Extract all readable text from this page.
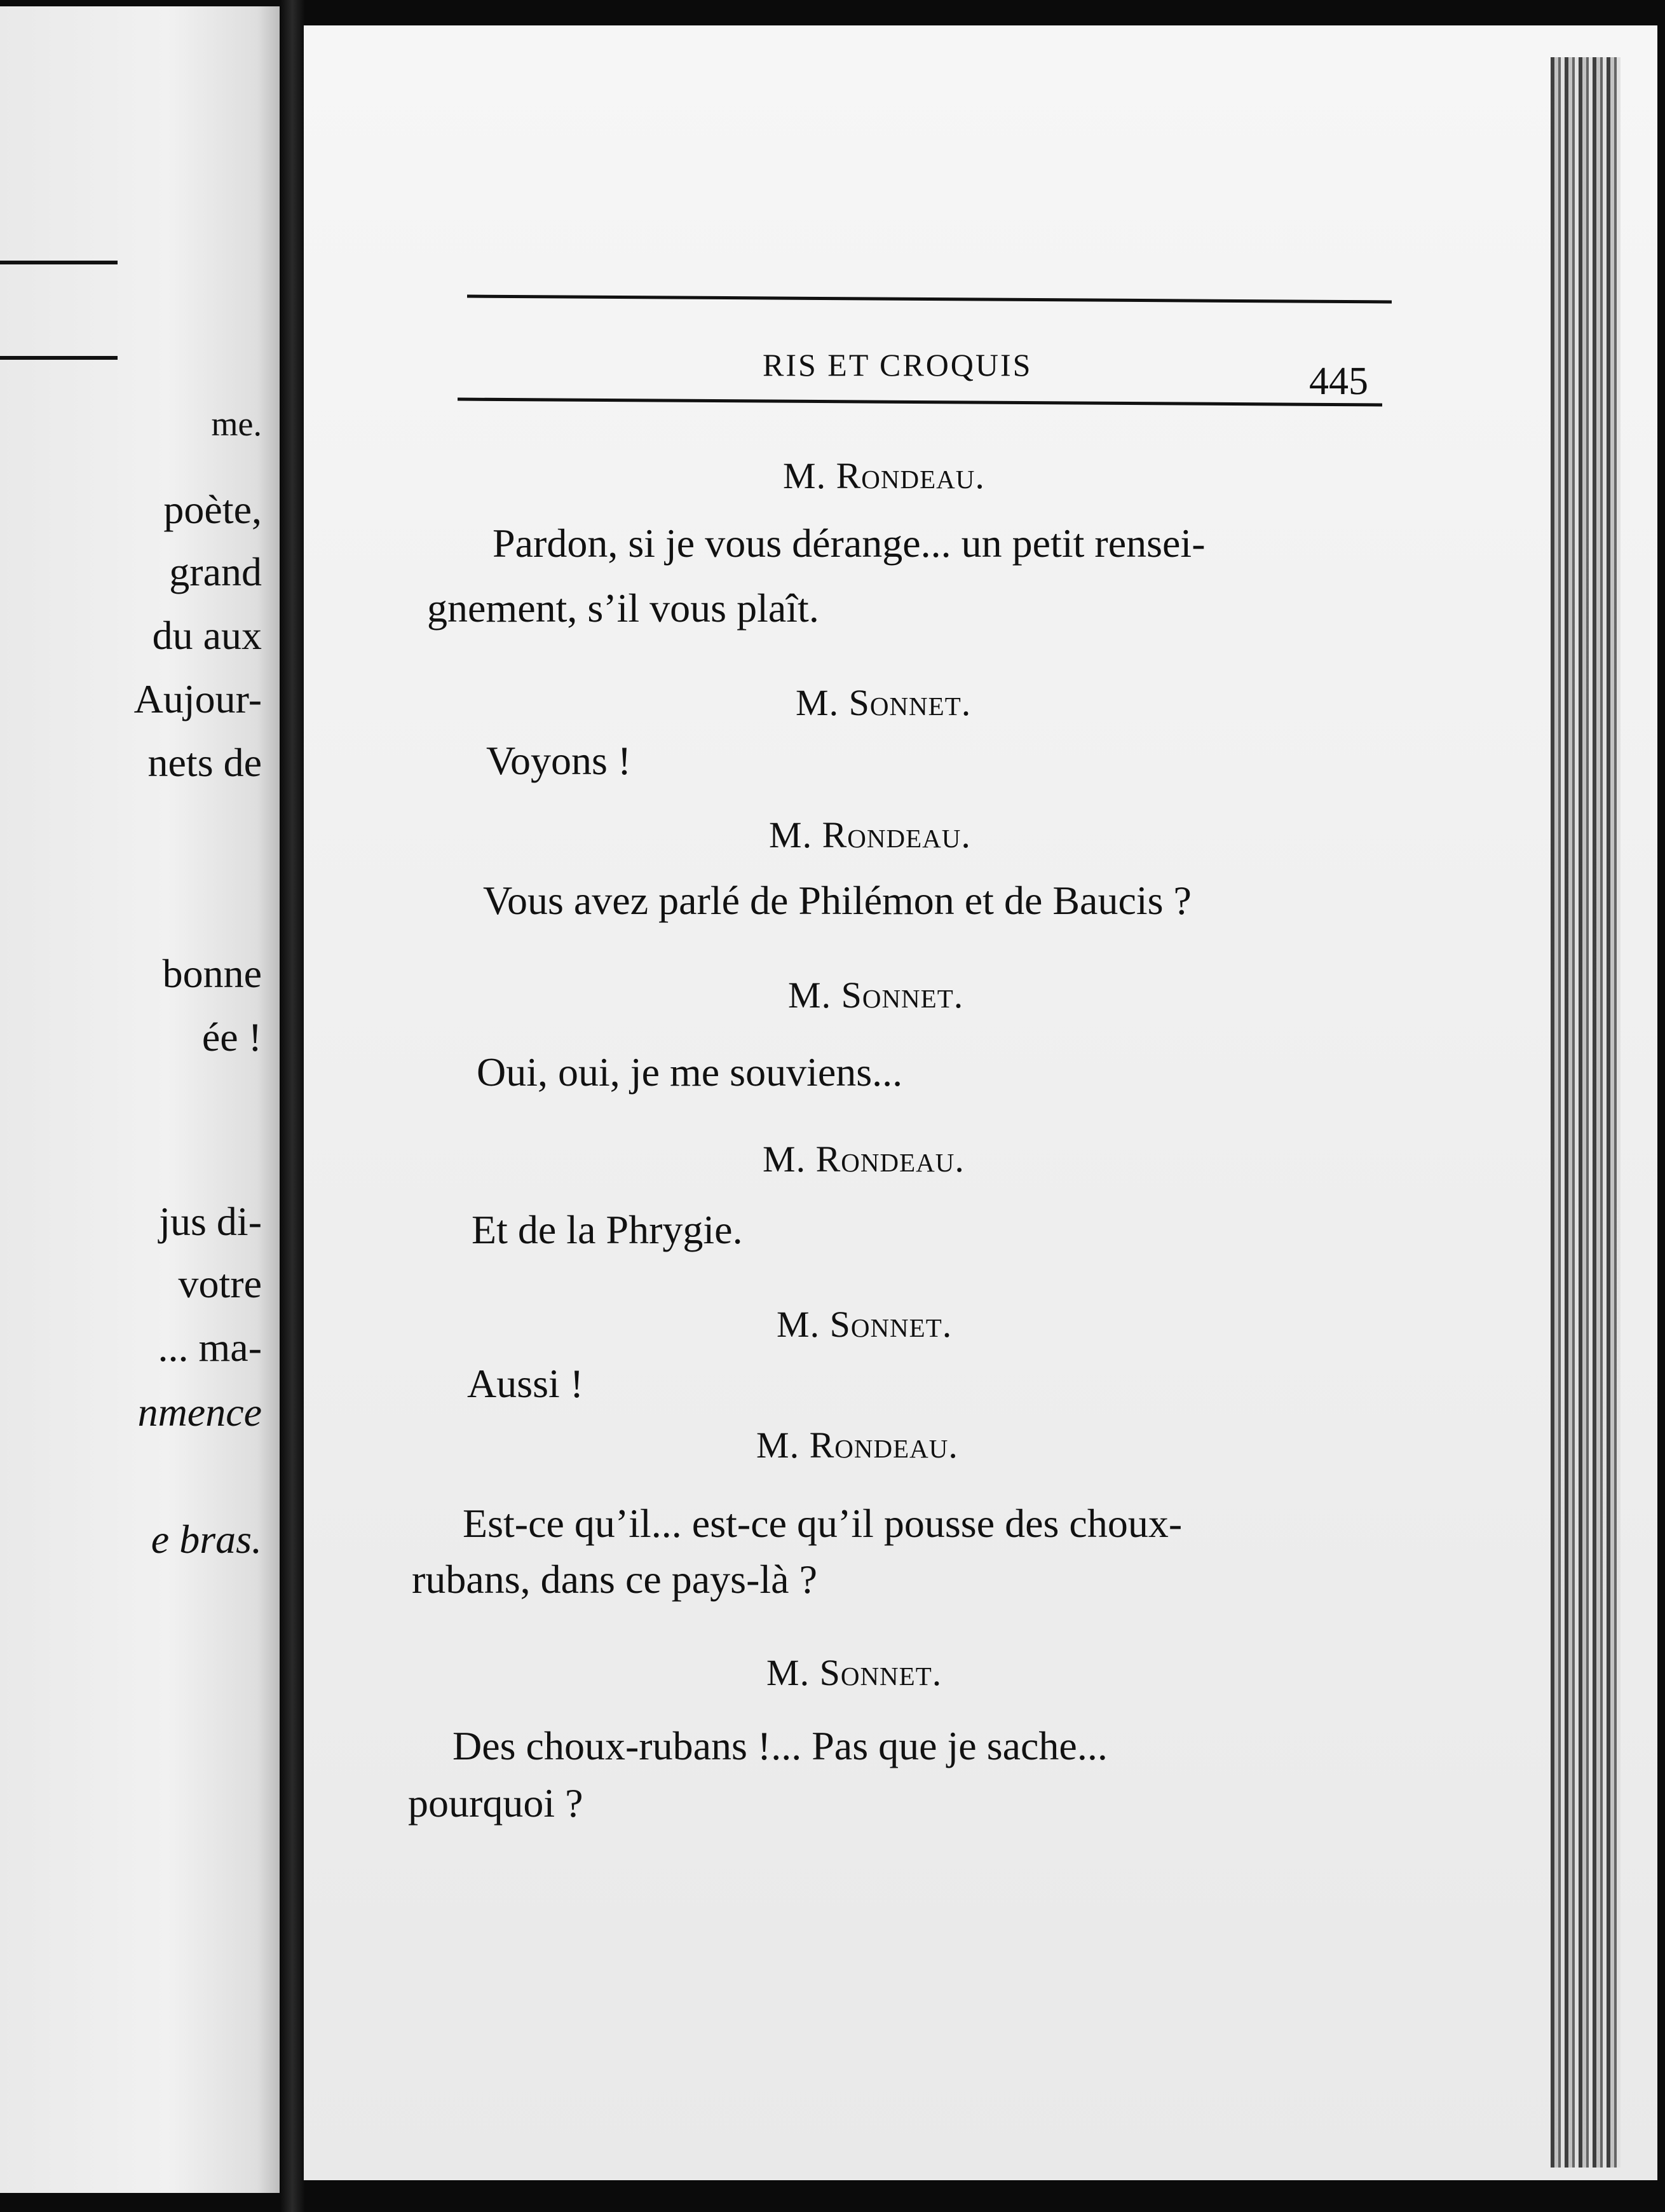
me.
poète,
grand
du aux
Aujour-
nets de
bonne
ée !
jus di-
votre
... ma-
nmence
e bras.
RIS ET CROQUIS	445
M. Rondeau.
Pardon, si je vous dérange... un petit rensei-
gnement, s’il vous plaît.
M. Sonnet.
Voyons !
M. Rondeau.
Vous avez parlé de Philémon et de Baucis ?
M. Sonnet.
Oui, oui, je me souviens...
M. Rondeau.
Et de la Phrygie.
M. Sonnet.
Aussi !
M. Rondeau.
Est-ce qu’il... est-ce qu’il pousse des choux-
rubans, dans ce pays-là ?
M. Sonnet.
Des choux-rubans !... Pas que je sache...
pourquoi ?
